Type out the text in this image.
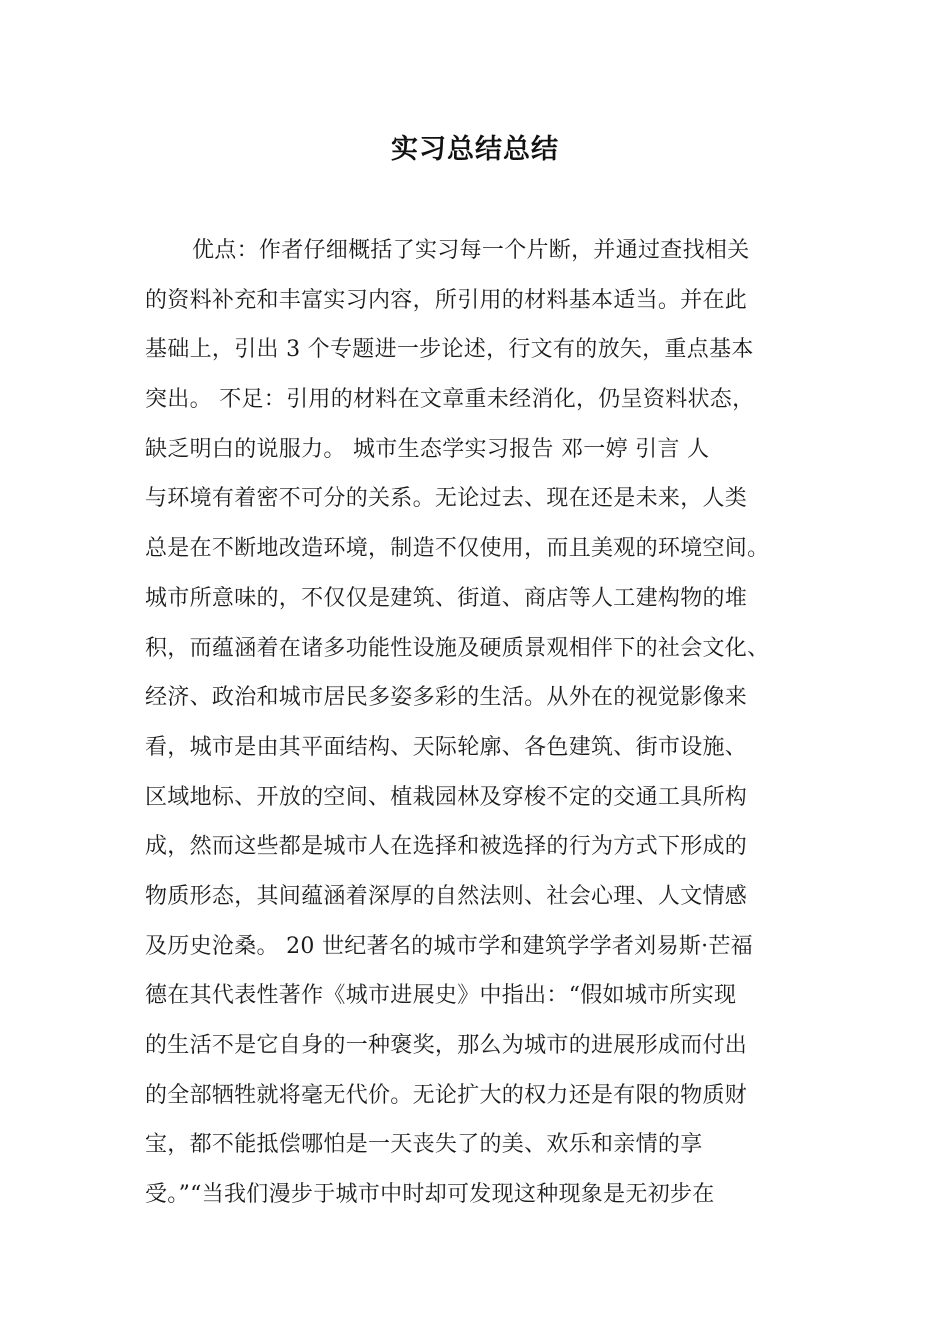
实习总结总结
优点：作者仔细概括了实习每一个片断，并通过查找相关
的资料补充和丰富实习内容，所引用的材料基本适当。并在此
基础上，引出 3 个专题进一步论述，行文有的放矢，重点基本
突出。 不足：引用的材料在文章重未经消化，仍呈资料状态，
缺乏明白的说服力。 城市生态学实习报告 邓一婷 引言 人
与环境有着密不可分的关系。无论过去、现在还是未来，人类
总是在不断地改造环境，制造不仅使用，而且美观的环境空间。
城市所意味的，不仅仅是建筑、街道、商店等人工建构物的堆
积，而蕴涵着在诸多功能性设施及硬质景观相伴下的社会文化、
经济、政治和城市居民多姿多彩的生活。从外在的视觉影像来
看，城市是由其平面结构、天际轮廓、各色建筑、街市设施、
区域地标、开放的空间、植栽园林及穿梭不定的交通工具所构
成，然而这些都是城市人在选择和被选择的行为方式下形成的
物质形态，其间蕴涵着深厚的自然法则、社会心理、人文情感
及历史沧桑。 20 世纪著名的城市学和建筑学学者刘易斯·芒福
德在其代表性著作《城市进展史》中指出：“假如城市所实现
的生活不是它自身的一种褒奖，那么为城市的进展形成而付出
的全部牺牲就将毫无代价。无论扩大的权力还是有限的物质财
宝，都不能抵偿哪怕是一天丧失了的美、欢乐和亲情的享
受。”“当我们漫步于城市中时却可发现这种现象是无初步在
